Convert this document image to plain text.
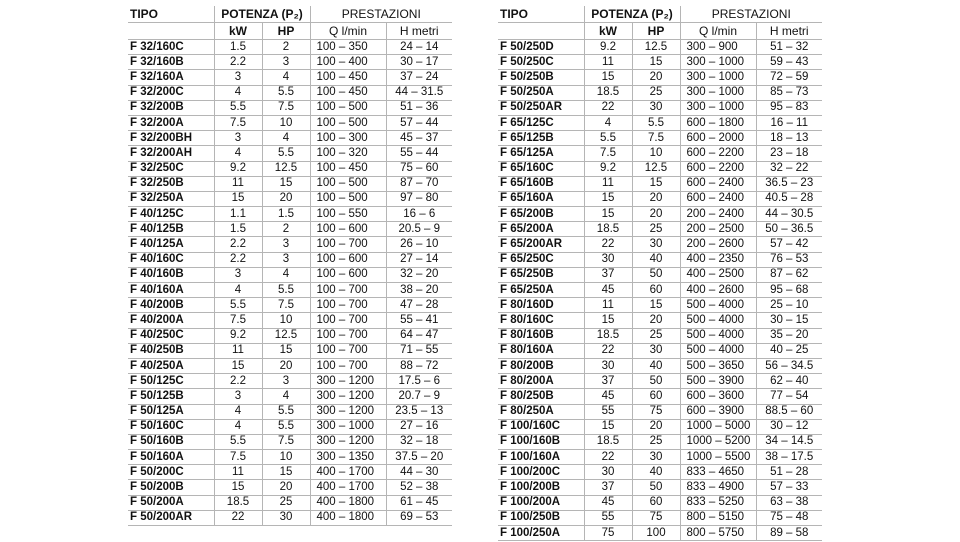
TIPO	POTENZA (P₂)		PRESTAZIONI	
	kW	HP	Q l/min	H metri
F 32/160C	1.5	2	100 – 350	24 – 14
F 32/160B	2.2	3	100 – 400	30 – 17
F 32/160A	3	4	100 – 450	37 – 24
F 32/200C	4	5.5	100 – 450	44 – 31.5
F 32/200B	5.5	7.5	100 – 500	51 – 36
F 32/200A	7.5	10	100 – 500	57 – 44
F 32/200BH	3	4	100 – 300	45 – 37
F 32/200AH	4	5.5	100 – 320	55 – 44
F 32/250C	9.2	12.5	100 – 450	75 – 60
F 32/250B	11	15	100 – 500	87 – 70
F 32/250A	15	20	100 – 500	97 – 80
F 40/125C	1.1	1.5	100 – 550	16 – 6
F 40/125B	1.5	2	100 – 600	20.5 – 9
F 40/125A	2.2	3	100 – 700	26 – 10
F 40/160C	2.2	3	100 – 600	27 – 14
F 40/160B	3	4	100 – 600	32 – 20
F 40/160A	4	5.5	100 – 700	38 – 20
F 40/200B	5.5	7.5	100 – 700	47 – 28
F 40/200A	7.5	10	100 – 700	55 – 41
F 40/250C	9.2	12.5	100 – 700	64 – 47
F 40/250B	11	15	100 – 700	71 – 55
F 40/250A	15	20	100 – 700	88 – 72
F 50/125C	2.2	3	300 – 1200	17.5 – 6
F 50/125B	3	4	300 – 1200	20.7 – 9
F 50/125A	4	5.5	300 – 1200	23.5 – 13
F 50/160C	4	5.5	300 – 1000	27 – 16
F 50/160B	5.5	7.5	300 – 1200	32 – 18
F 50/160A	7.5	10	300 – 1350	37.5 – 20
F 50/200C	11	15	400 – 1700	44 – 30
F 50/200B	15	20	400 – 1700	52 – 38
F 50/200A	18.5	25	400 – 1800	61 – 45
F 50/200AR	22	30	400 – 1800	69 – 53
TIPO	POTENZA (P₂)		PRESTAZIONI	
	kW	HP	Q l/min	H metri
F 50/250D	9.2	12.5	300 – 900	51 – 32
F 50/250C	11	15	300 – 1000	59 – 43
F 50/250B	15	20	300 – 1000	72 – 59
F 50/250A	18.5	25	300 – 1000	85 – 73
F 50/250AR	22	30	300 – 1000	95 – 83
F 65/125C	4	5.5	600 – 1800	16 – 11
F 65/125B	5.5	7.5	600 – 2000	18 – 13
F 65/125A	7.5	10	600 – 2200	23 – 18
F 65/160C	9.2	12.5	600 – 2200	32 – 22
F 65/160B	11	15	600 – 2400	36.5 – 23
F 65/160A	15	20	600 – 2400	40.5 – 28
F 65/200B	15	20	200 – 2400	44 – 30.5
F 65/200A	18.5	25	200 – 2500	50 – 36.5
F 65/200AR	22	30	200 – 2600	57 – 42
F 65/250C	30	40	400 – 2350	76 – 53
F 65/250B	37	50	400 – 2500	87 – 62
F 65/250A	45	60	400 – 2600	95 – 68
F 80/160D	11	15	500 – 4000	25 – 10
F 80/160C	15	20	500 – 4000	30 – 15
F 80/160B	18.5	25	500 – 4000	35 – 20
F 80/160A	22	30	500 – 4000	40 – 25
F 80/200B	30	40	500 – 3650	56 – 34.5
F 80/200A	37	50	500 – 3900	62 – 40
F 80/250B	45	60	600 – 3600	77 – 54
F 80/250A	55	75	600 – 3900	88.5 – 60
F 100/160C	15	20	1000 – 5000	30 – 12
F 100/160B	18.5	25	1000 – 5200	34 – 14.5
F 100/160A	22	30	1000 – 5500	38 – 17.5
F 100/200C	30	40	833 – 4650	51 – 28
F 100/200B	37	50	833 – 4900	57 – 33
F 100/200A	45	60	833 – 5250	63 – 38
F 100/250B	55	75	800 – 5150	75 – 48
F 100/250A	75	100	800 – 5750	89 – 58
